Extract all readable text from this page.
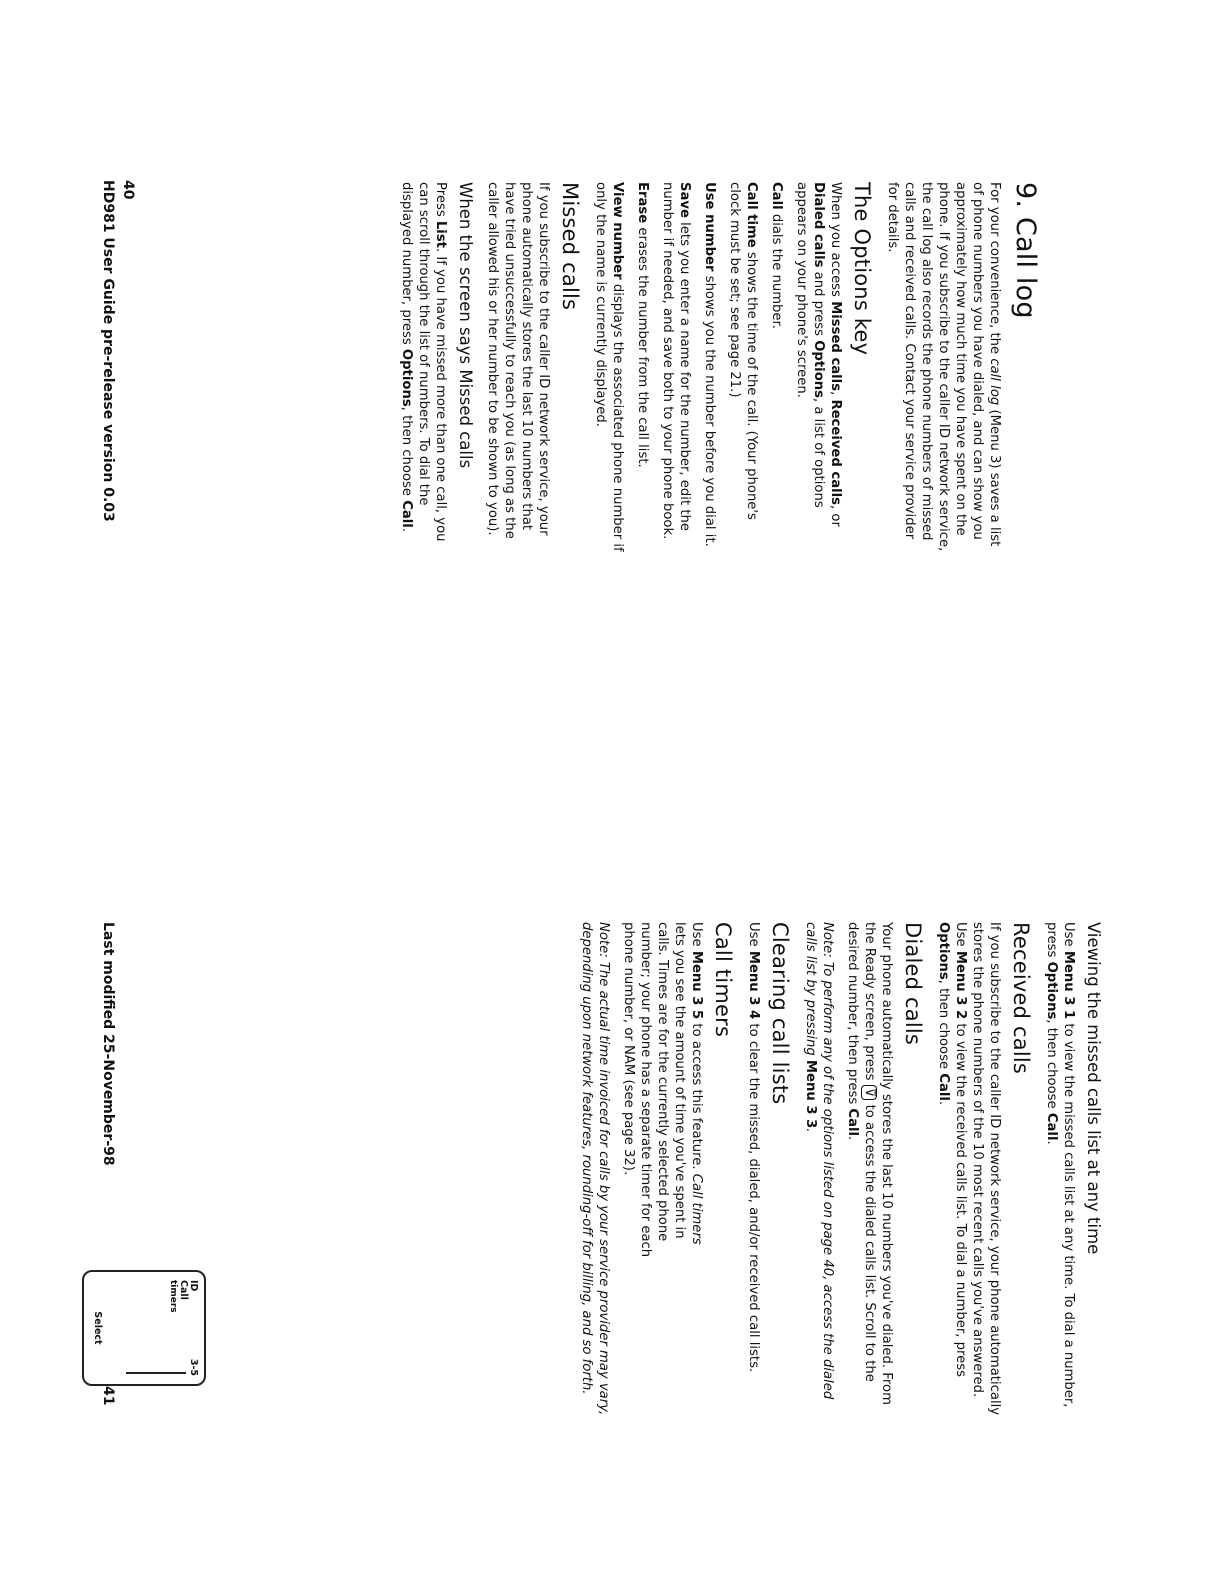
9. Call log

For your convenience, the call log (Menu 3) saves a list of phone numbers you have dialed, and can show you approximately how much time you have spent on the phone. If you subscribe to the caller ID network service, the call log also records the phone numbers of missed calls and received calls. Contact your service provider for details.

The Options key

When you access Missed calls, Received calls, or Dialed calls and press Options, a list of options appears on your phone's screen.

Call dials the number.

Call time shows the time of the call. (Your phone's clock must be set; see page 21.)

Use number shows you the number before you dial it.

Save lets you enter a name for the number, edit the number if needed, and save both to your phone book.

Erase erases the number from the call list.

View number displays the associated phone number if only the name is currently displayed.

Missed calls

If you subscribe to the caller ID network service, your phone automatically stores the last 10 numbers that have tried unsuccessfully to reach you (as long as the caller allowed his or her number to be shown to you).

When the screen says Missed calls

Press List. If you have missed more than one call, you can scroll through the list of numbers. To dial the displayed number, press Options, then choose Call.

40
HD981 User Guide pre-release version 0.03
Viewing the missed calls list at any time

Use Menu 3 1 to view the missed calls list at any time. To dial a number, press Options, then choose Call.

Received calls

If you subscribe to the caller ID network service, your phone automatically stores the phone numbers of the 10 most recent calls you've answered. Use Menu 3 2 to view the received calls list. To dial a number, press Options, then choose Call.

Dialed calls

Your phone automatically stores the last 10 numbers you've dialed. From the Ready screen, press ⊽ to access the dialed calls list. Scroll to the desired number, then press Call.

Note: To perform any of the options listed on page 40, access the dialed calls list by pressing Menu 3 3.

Clearing call lists

Use Menu 3 4 to clear the missed, dialed, and/or received call lists.

Call timers

Use Menu 3 5 to access this feature. Call timers lets you see the amount of time you've spent in calls. Times are for the currently selected phone number; your phone has a separate timer for each phone number, or NAM (see page 32).

Note: The actual time invoiced for calls by your service provider may vary, depending upon network features, rounding-off for billing, and so forth.

ID
3-5
Call
timers
Select
Last modified 25-November-98
41
